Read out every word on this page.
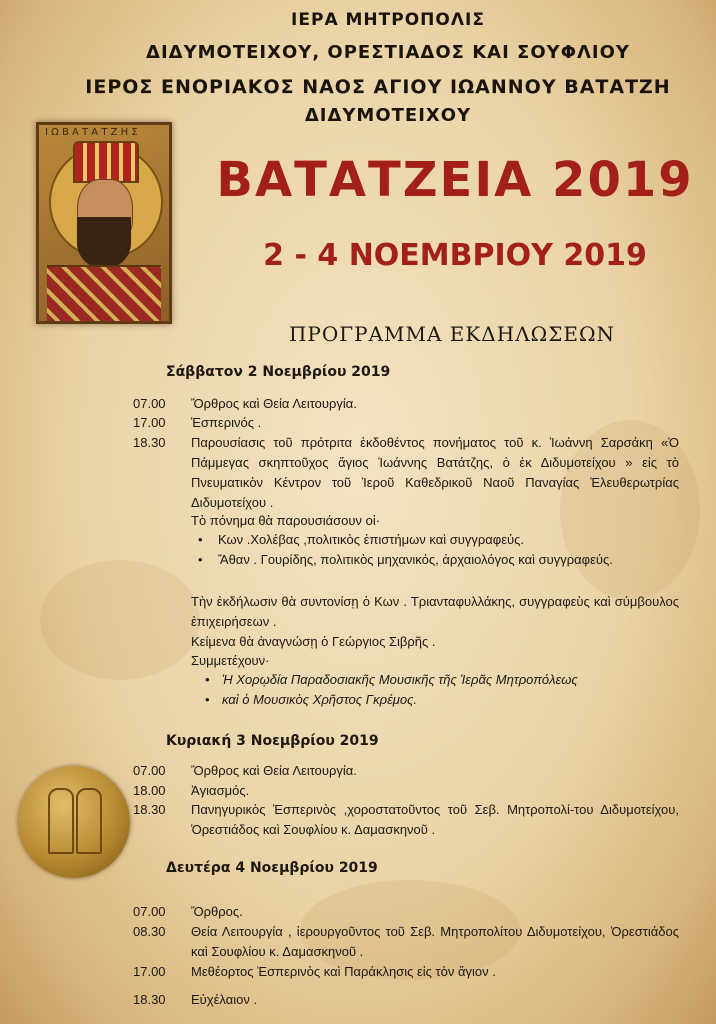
ΙΕΡΑ ΜΗΤΡΟΠΟΛΙΣ
ΔΙΔΥΜΟΤΕΙΧΟΥ, ΟΡΕΣΤΙΑΔΟΣ ΚΑΙ ΣΟΥΦΛΙΟΥ
ΙΕΡΟΣ ΕΝΟΡΙΑΚΟΣ ΝΑΟΣ ΑΓΙΟΥ ΙΩΑΝΝΟΥ ΒΑΤΑΤΖΗ
ΔΙΔΥΜΟΤΕΙΧΟΥ
Ι Ω Β Α Τ Α Τ Ζ Η Σ
ΒΑΤΑΤΖΕΙΑ 2019
2 - 4 ΝΟΕΜΒΡΙΟΥ 2019
ΠΡΟΓΡΑΜΜΑ ΕΚΔΗΛΩΣΕΩΝ
Σάββατον 2 Νοεμβρίου 2019
07.00	Ὄρθρος καὶ Θεία Λειτουργία.
17.00	Ἑσπερινός .
18.30	Παρουσίασις τοῦ πρότριτα ἐκδοθέντος πονήματος τοῦ κ. Ἰωάννη Σαρσάκη «Ὁ Πάμμεγας σκηπτοῦχος ἅγιος Ἰωάννης Βατάτζης, ὁ ἐκ Διδυμοτείχου » εἰς τὸ Πνευματικὸν Κέντρον τοῦ Ἱεροῦ Καθεδρικοῦ Ναοῦ Παναγίας Ἐλευθερωτρίας Διδυμοτείχου .
Τὸ πόνημα θὰ παρουσιάσουν οἱ·
• Κων .Χολέβας ,πολιτικὸς ἐπιστήμων καὶ συγγραφεύς.
• Ἄθαν . Γουρίδης, πολιτικὸς μηχανικός, ἀρχαιολόγος καὶ συγγραφεύς.
Τὴν ἐκδήλωσιν θὰ συντονίσῃ ὁ Κων . Τριανταφυλλάκης, συγγραφεὺς καὶ σύμβουλος ἐπιχειρήσεων .
Κείμενα θὰ ἀναγνώσῃ ὁ Γεώργιος Σιβρῆς .
Συμμετέχουν·
• Ἡ Χορῳδία Παραδοσιακῆς Μουσικῆς τῆς Ἱερᾶς Μητροπόλεως
• καὶ ὁ Μουσικὸς Χρῆστος Γκρέμος.
Κυριακή 3 Νοεμβρίου 2019
07.00	Ὄρθρος καὶ Θεία Λειτουργία.
18.00	Ἁγιασμός.
18.30	Πανηγυρικὸς Ἑσπερινὸς ,χοροστατοῦντος τοῦ Σεβ. Μητροπολί-του Διδυμοτείχου, Ὀρεστιάδος καὶ Σουφλίου κ. Δαμασκηνοῦ .
Δευτέρα 4 Νοεμβρίου 2019
07.00	Ὄρθρος.
08.30	Θεία Λειτουργία , ἱερουργοῦντος τοῦ Σεβ. Μητροπολίτου Διδυμοτείχου, Ὀρεστιάδος καὶ Σουφλίου κ. Δαμασκηνοῦ .
17.00	Μεθέορτος Ἑσπερινὸς καὶ Παράκλησις εἰς τὸν ἅγιον .
18.30	Εὐχέλαιον .
